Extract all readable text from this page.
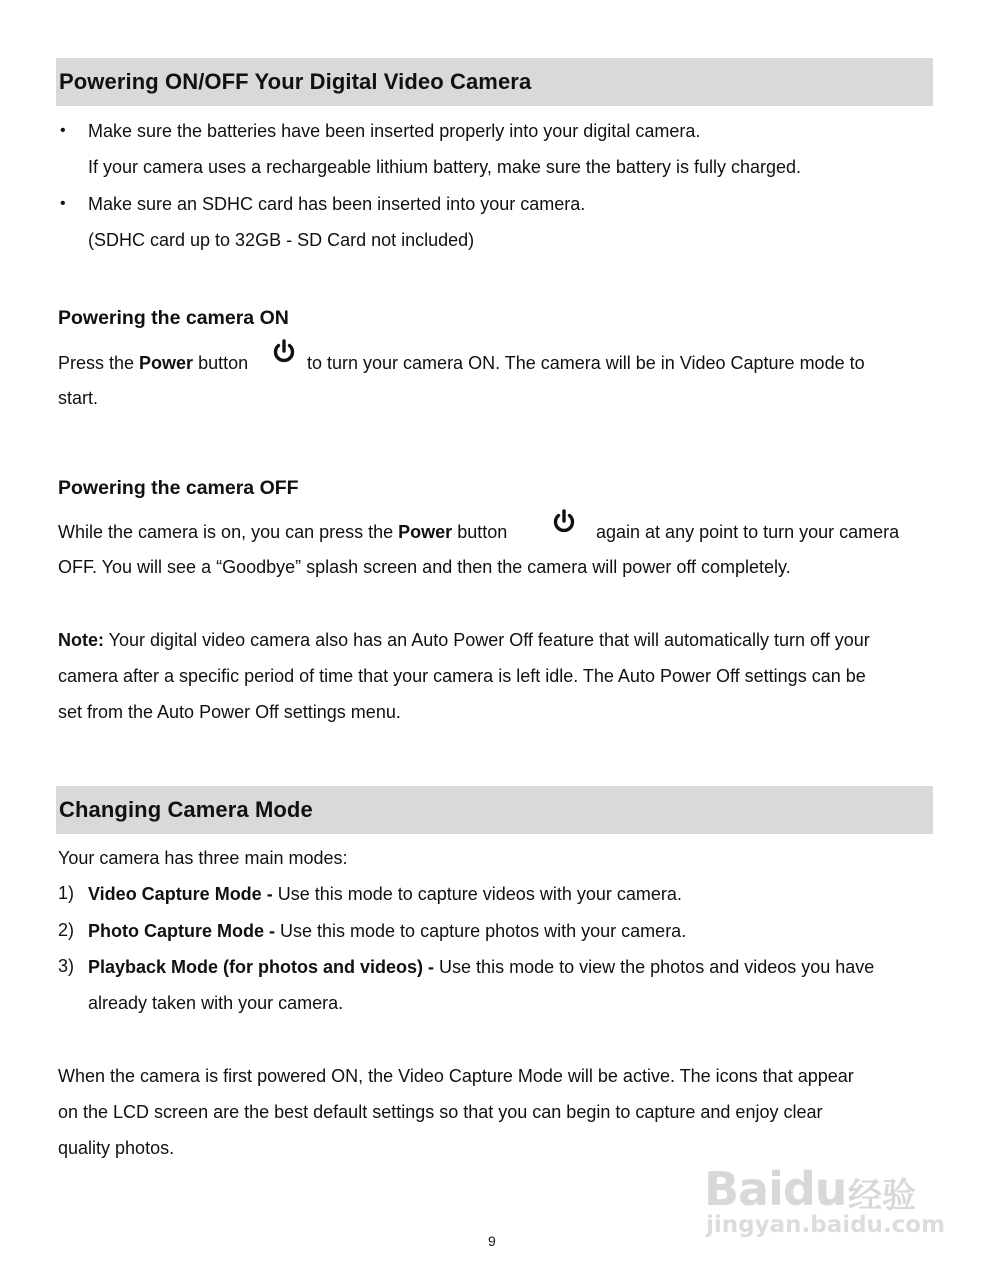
Powering ON/OFF Your Digital Video Camera
• Make sure the batteries have been inserted properly into your digital camera.
If your camera uses a rechargeable lithium battery, make sure the battery is fully charged.
• Make sure an SDHC card has been inserted into your camera.
(SDHC card up to 32GB - SD Card not included)
Powering the camera ON
Press the Power button	to turn your camera ON. The camera will be in Video Capture mode to
start.
Powering the camera OFF
While the camera is on, you can press the Power button	again at any point to turn your camera
OFF. You will see a “Goodbye” splash screen and then the camera will power off completely.
Note: Your digital video camera also has an Auto Power Off feature that will automatically turn off your
camera after a specific period of time that your camera is left idle. The Auto Power Off settings can be
set from the Auto Power Off settings menu.
Changing Camera Mode
Your camera has three main modes:
1) Video Capture Mode - Use this mode to capture videos with your camera.
2) Photo Capture Mode - Use this mode to capture photos with your camera.
3) Playback Mode (for photos and videos) - Use this mode to view the photos and videos you have
already taken with your camera.
When the camera is first powered ON, the Video Capture Mode will be active. The icons that appear
on the LCD screen are the best default settings so that you can begin to capture and enjoy clear
quality photos.
9
Baidu 经验
jingyan.baidu.com
